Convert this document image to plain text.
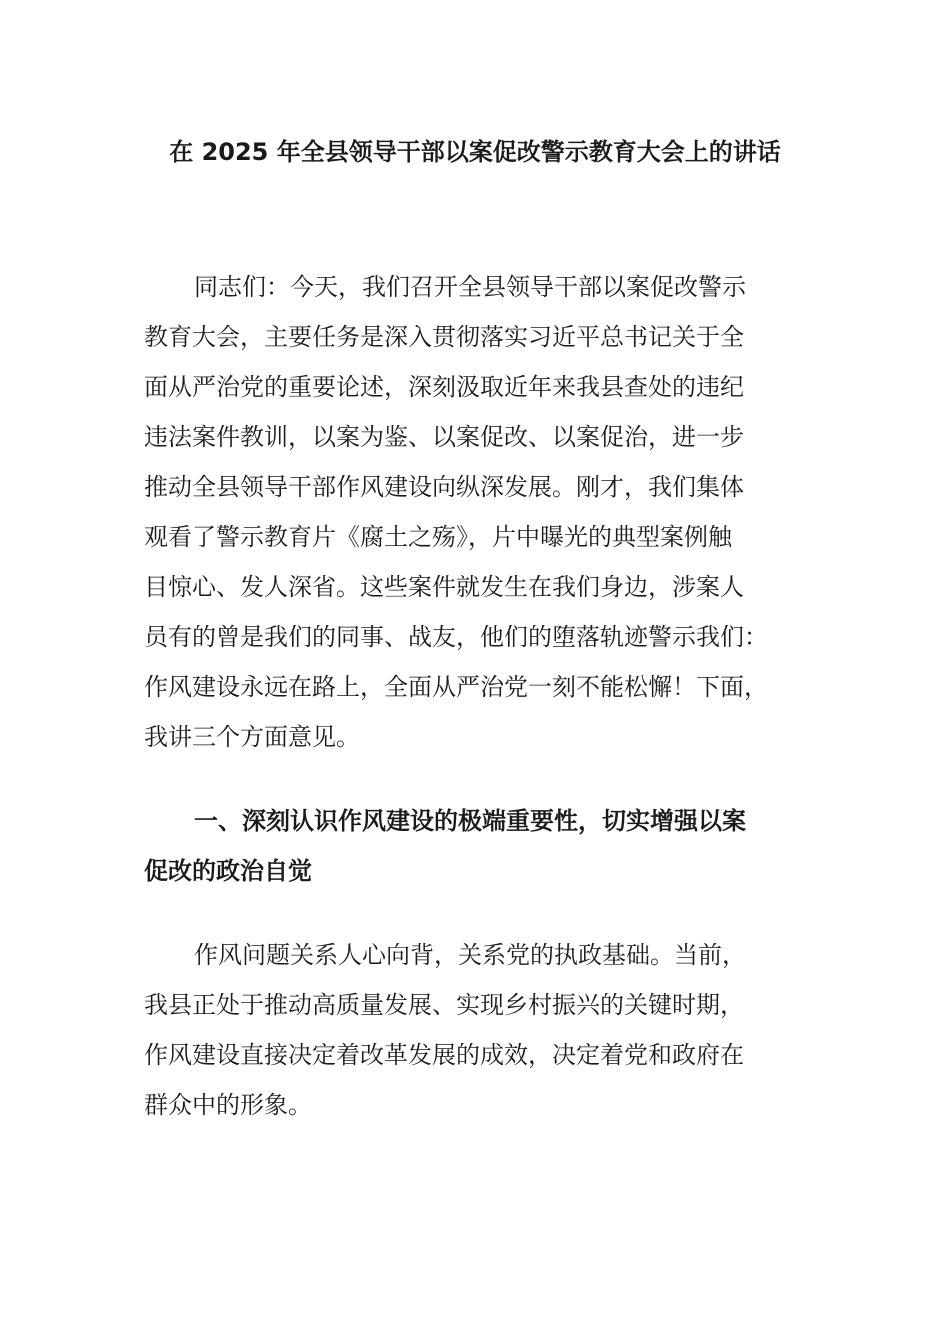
在 2025 年全县领导干部以案促改警示教育大会上的讲话
同志们：今天，我们召开全县领导干部以案促改警示
教育大会，主要任务是深入贯彻落实习近平总书记关于全
面从严治党的重要论述，深刻汲取近年来我县查处的违纪
违法案件教训，以案为鉴、以案促改、以案促治，进一步
推动全县领导干部作风建设向纵深发展。刚才，我们集体
观看了警示教育片《腐土之殇》，片中曝光的典型案例触
目惊心、发人深省。这些案件就发生在我们身边，涉案人
员有的曾是我们的同事、战友，他们的堕落轨迹警示我们：
作风建设永远在路上，全面从严治党一刻不能松懈！下面，
我讲三个方面意见。
一、深刻认识作风建设的极端重要性，切实增强以案
促改的政治自觉
作风问题关系人心向背，关系党的执政基础。当前，
我县正处于推动高质量发展、实现乡村振兴的关键时期，
作风建设直接决定着改革发展的成效，决定着党和政府在
群众中的形象。
